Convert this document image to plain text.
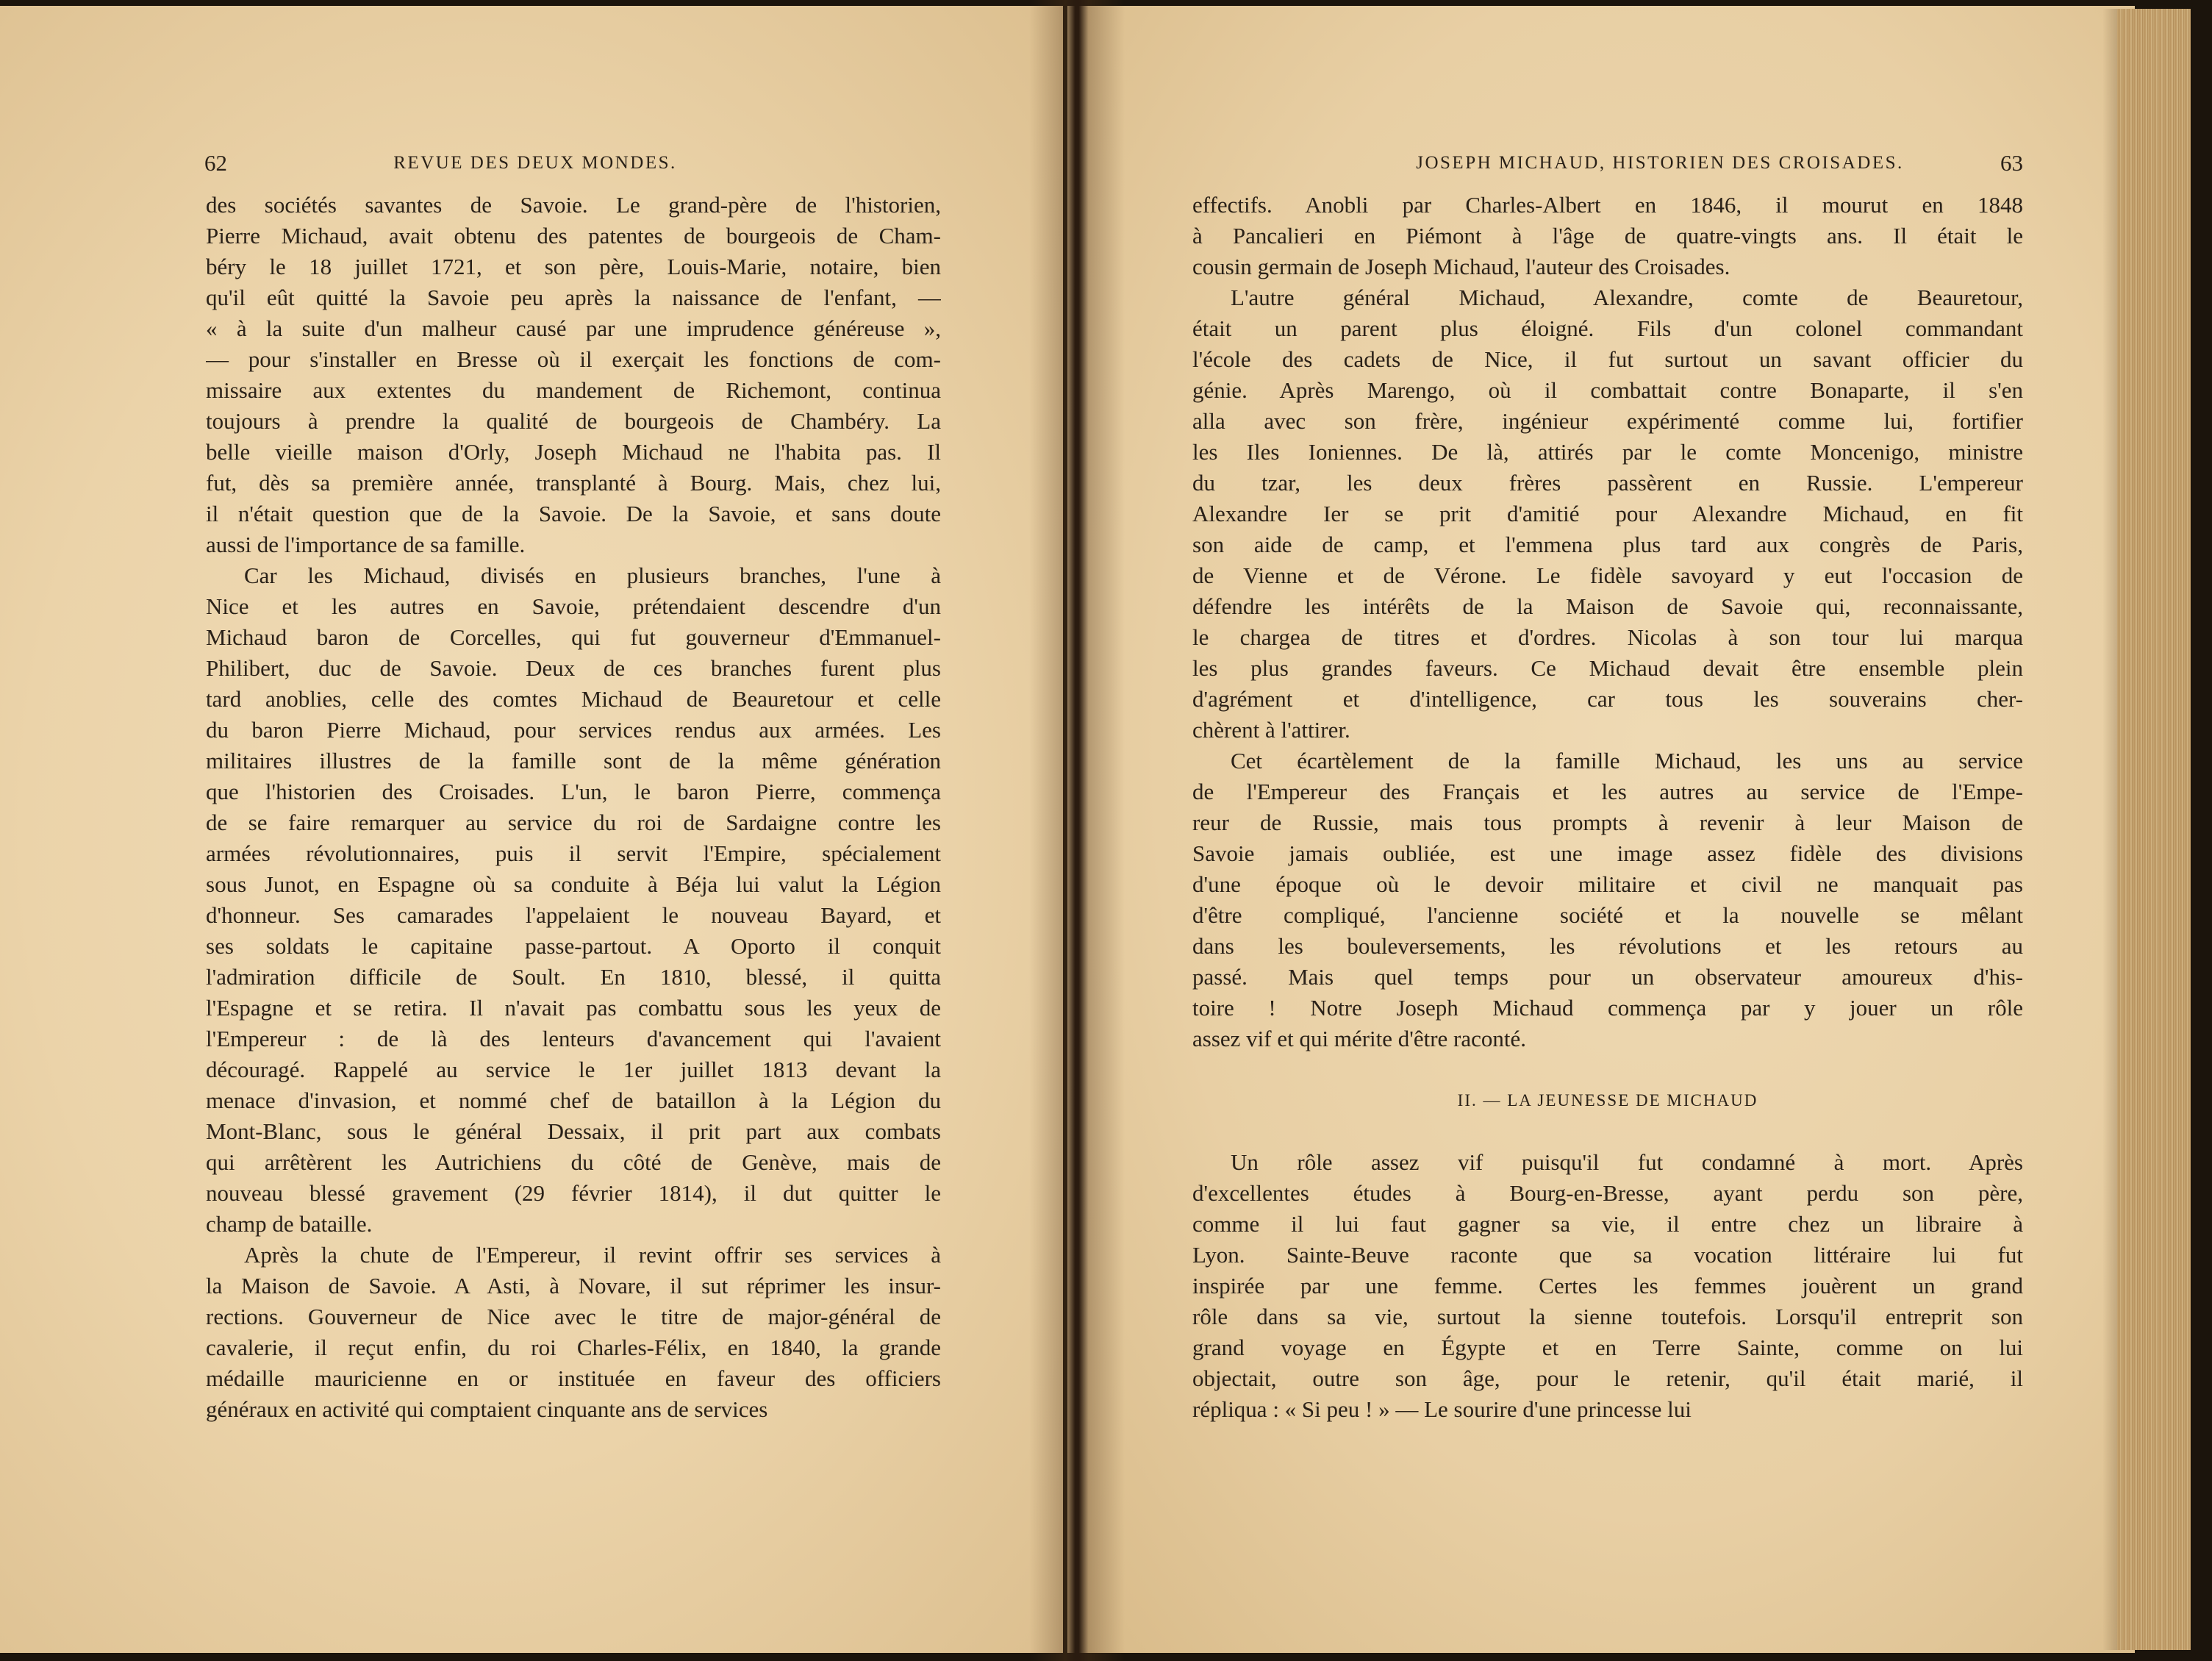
62	REVUE DES DEUX MONDES.
des sociétés savantes de Savoie. Le grand-père de l'historien,
Pierre Michaud, avait obtenu des patentes de bourgeois de Cham-
béry le 18 juillet 1721, et son père, Louis-Marie, notaire, bien
qu'il eût quitté la Savoie peu après la naissance de l'enfant, —
« à la suite d'un malheur causé par une imprudence généreuse »,
— pour s'installer en Bresse où il exerçait les fonctions de com-
missaire aux extentes du mandement de Richemont, continua
toujours à prendre la qualité de bourgeois de Chambéry. La
belle vieille maison d'Orly, Joseph Michaud ne l'habita pas. Il
fut, dès sa première année, transplanté à Bourg. Mais, chez lui,
il n'était question que de la Savoie. De la Savoie, et sans doute
aussi de l'importance de sa famille.
Car les Michaud, divisés en plusieurs branches, l'une à
Nice et les autres en Savoie, prétendaient descendre d'un
Michaud baron de Corcelles, qui fut gouverneur d'Emmanuel-
Philibert, duc de Savoie. Deux de ces branches furent plus
tard anoblies, celle des comtes Michaud de Beauretour et celle
du baron Pierre Michaud, pour services rendus aux armées. Les
militaires illustres de la famille sont de la même génération
que l'historien des Croisades. L'un, le baron Pierre, commença
de se faire remarquer au service du roi de Sardaigne contre les
armées révolutionnaires, puis il servit l'Empire, spécialement
sous Junot, en Espagne où sa conduite à Béja lui valut la Légion
d'honneur. Ses camarades l'appelaient le nouveau Bayard, et
ses soldats le capitaine passe-partout. A Oporto il conquit
l'admiration difficile de Soult. En 1810, blessé, il quitta
l'Espagne et se retira. Il n'avait pas combattu sous les yeux de
l'Empereur : de là des lenteurs d'avancement qui l'avaient
découragé. Rappelé au service le 1er juillet 1813 devant la
menace d'invasion, et nommé chef de bataillon à la Légion du
Mont-Blanc, sous le général Dessaix, il prit part aux combats
qui arrêtèrent les Autrichiens du côté de Genève, mais de
nouveau blessé gravement (29 février 1814), il dut quitter le
champ de bataille.
Après la chute de l'Empereur, il revint offrir ses services à
la Maison de Savoie. A Asti, à Novare, il sut réprimer les insur-
rections. Gouverneur de Nice avec le titre de major-général de
cavalerie, il reçut enfin, du roi Charles-Félix, en 1840, la grande
médaille mauricienne en or instituée en faveur des officiers
généraux en activité qui comptaient cinquante ans de services
JOSEPH MICHAUD, HISTORIEN DES CROISADES.	63
effectifs. Anobli par Charles-Albert en 1846, il mourut en 1848
à Pancalieri en Piémont à l'âge de quatre-vingts ans. Il était le
cousin germain de Joseph Michaud, l'auteur des Croisades.
L'autre général Michaud, Alexandre, comte de Beauretour,
était un parent plus éloigné. Fils d'un colonel commandant
l'école des cadets de Nice, il fut surtout un savant officier du
génie. Après Marengo, où il combattait contre Bonaparte, il s'en
alla avec son frère, ingénieur expérimenté comme lui, fortifier
les Iles Ioniennes. De là, attirés par le comte Moncenigo, ministre
du tzar, les deux frères passèrent en Russie. L'empereur
Alexandre Ier se prit d'amitié pour Alexandre Michaud, en fit
son aide de camp, et l'emmena plus tard aux congrès de Paris,
de Vienne et de Vérone. Le fidèle savoyard y eut l'occasion de
défendre les intérêts de la Maison de Savoie qui, reconnaissante,
le chargea de titres et d'ordres. Nicolas à son tour lui marqua
les plus grandes faveurs. Ce Michaud devait être ensemble plein
d'agrément et d'intelligence, car tous les souverains cher-
chèrent à l'attirer.
Cet écartèlement de la famille Michaud, les uns au service
de l'Empereur des Français et les autres au service de l'Empe-
reur de Russie, mais tous prompts à revenir à leur Maison de
Savoie jamais oubliée, est une image assez fidèle des divisions
d'une époque où le devoir militaire et civil ne manquait pas
d'être compliqué, l'ancienne société et la nouvelle se mêlant
dans les bouleversements, les révolutions et les retours au
passé. Mais quel temps pour un observateur amoureux d'his-
toire ! Notre Joseph Michaud commença par y jouer un rôle
assez vif et qui mérite d'être raconté.
II. — LA JEUNESSE DE MICHAUD
Un rôle assez vif puisqu'il fut condamné à mort. Après
d'excellentes études à Bourg-en-Bresse, ayant perdu son père,
comme il lui faut gagner sa vie, il entre chez un libraire à
Lyon. Sainte-Beuve raconte que sa vocation littéraire lui fut
inspirée par une femme. Certes les femmes jouèrent un grand
rôle dans sa vie, surtout la sienne toutefois. Lorsqu'il entreprit son
grand voyage en Égypte et en Terre Sainte, comme on lui
objectait, outre son âge, pour le retenir, qu'il était marié, il
répliqua : « Si peu ! » — Le sourire d'une princesse lui
